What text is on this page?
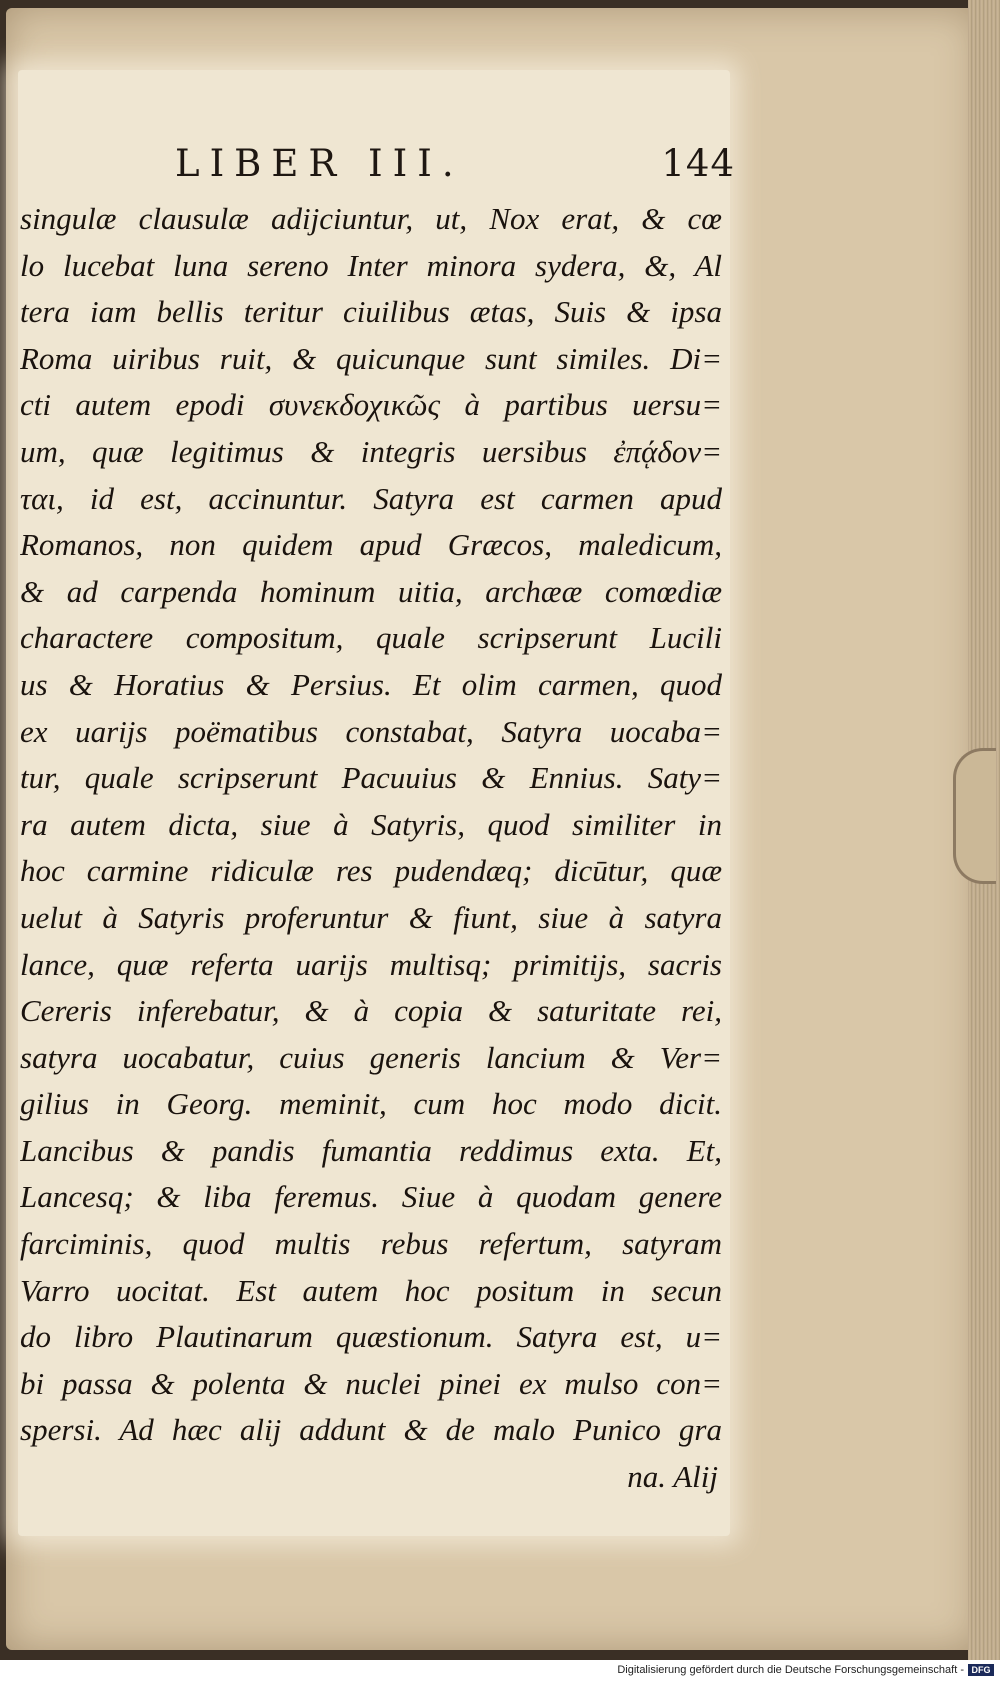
LIBER III.	144
singulæ clausulæ adijciuntur, ut, Nox erat, & cœ
lo lucebat luna sereno Inter minora sydera, &, Al
tera iam bellis teritur ciuilibus ætas, Suis & ipsa
Roma uiribus ruit, & quicunque sunt similes. Di=
cti autem epodi συνεκδοχικῶς à partibus uersu=
um, quæ legitimus & integris uersibus ἐπᾴδον=
ται, id est, accinuntur. Satyra est carmen apud
Romanos, non quidem apud Græcos, maledicum,
& ad carpenda hominum uitia, archææ comœdiæ
charactere compositum, quale scripserunt Lucili
us & Horatius & Persius. Et olim carmen, quod
ex uarijs poëmatibus constabat, Satyra uocaba=
tur, quale scripserunt Pacuuius & Ennius. Saty=
ra autem dicta, siue à Satyris, quod similiter in
hoc carmine ridiculæ res pudendæq; dicūtur, quæ
uelut à Satyris proferuntur & fiunt, siue à satyra
lance, quæ referta uarijs multisq; primitijs, sacris
Cereris inferebatur, & à copia & saturitate rei,
satyra uocabatur, cuius generis lancium & Ver=
gilius in Georg. meminit, cum hoc modo dicit.
Lancibus & pandis fumantia reddimus exta. Et,
Lancesq; & liba feremus. Siue à quodam genere
farciminis, quod multis rebus refertum, satyram
Varro uocitat. Est autem hoc positum in secun
do libro Plautinarum quæstionum. Satyra est, u=
bi passa & polenta & nuclei pinei ex mulso con=
spersi. Ad hæc alij addunt & de malo Punico gra
na. Alij
Digitalisierung gefördert durch die Deutsche Forschungsgemeinschaft - DFG
